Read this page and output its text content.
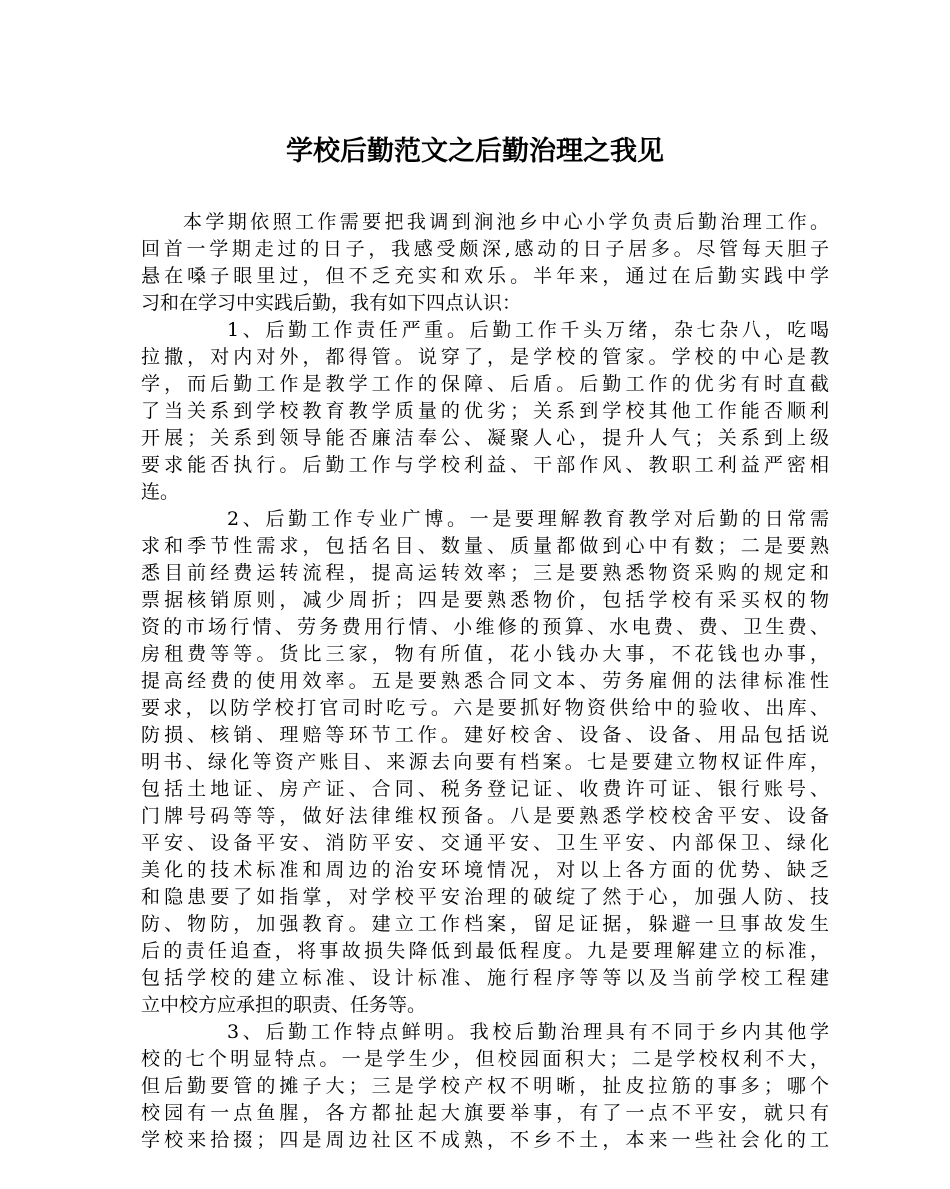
学校后勤范文之后勤治理之我见
本学期依照工作需要把我调到涧池乡中心小学负责后勤治理工作。
回首一学期走过的日子，我感受颇深,感动的日子居多。尽管每天胆子
悬在嗓子眼里过，但不乏充实和欢乐。半年来，通过在后勤实践中学
习和在学习中实践后勤，我有如下四点认识：
1、后勤工作责任严重。后勤工作千头万绪，杂七杂八，吃喝
拉撒，对内对外，都得管。说穿了，是学校的管家。学校的中心是教
学，而后勤工作是教学工作的保障、后盾。后勤工作的优劣有时直截
了当关系到学校教育教学质量的优劣；关系到学校其他工作能否顺利
开展；关系到领导能否廉洁奉公、凝聚人心，提升人气；关系到上级
要求能否执行。后勤工作与学校利益、干部作风、教职工利益严密相
连。
2、后勤工作专业广博。一是要理解教育教学对后勤的日常需
求和季节性需求，包括名目、数量、质量都做到心中有数；二是要熟
悉目前经费运转流程，提高运转效率；三是要熟悉物资采购的规定和
票据核销原则，减少周折；四是要熟悉物价，包括学校有采买权的物
资的市场行情、劳务费用行情、小维修的预算、水电费、费、卫生费、
房租费等等。货比三家，物有所值，花小钱办大事，不花钱也办事，
提高经费的使用效率。五是要熟悉合同文本、劳务雇佣的法律标准性
要求，以防学校打官司时吃亏。六是要抓好物资供给中的验收、出库、
防损、核销、理赔等环节工作。建好校舍、设备、设备、用品包括说
明书、绿化等资产账目、来源去向要有档案。七是要建立物权证件库，
包括土地证、房产证、合同、税务登记证、收费许可证、银行账号、
门牌号码等等，做好法律维权预备。八是要熟悉学校校舍平安、设备
平安、设备平安、消防平安、交通平安、卫生平安、内部保卫、绿化
美化的技术标准和周边的治安环境情况，对以上各方面的优势、缺乏
和隐患要了如指掌，对学校平安治理的破绽了然于心，加强人防、技
防、物防，加强教育。建立工作档案，留足证据，躲避一旦事故发生
后的责任追查，将事故损失降低到最低程度。九是要理解建立的标准，
包括学校的建立标准、设计标准、施行程序等等以及当前学校工程建
立中校方应承担的职责、任务等。
3、后勤工作特点鲜明。我校后勤治理具有不同于乡内其他学
校的七个明显特点。一是学生少，但校园面积大；二是学校权利不大，
但后勤要管的摊子大；三是学校产权不明晰，扯皮拉筋的事多；哪个
校园有一点鱼腥，各方都扯起大旗要举事，有了一点不平安，就只有
学校来拾掇；四是周边社区不成熟，不乡不土，本来一些社会化的工
